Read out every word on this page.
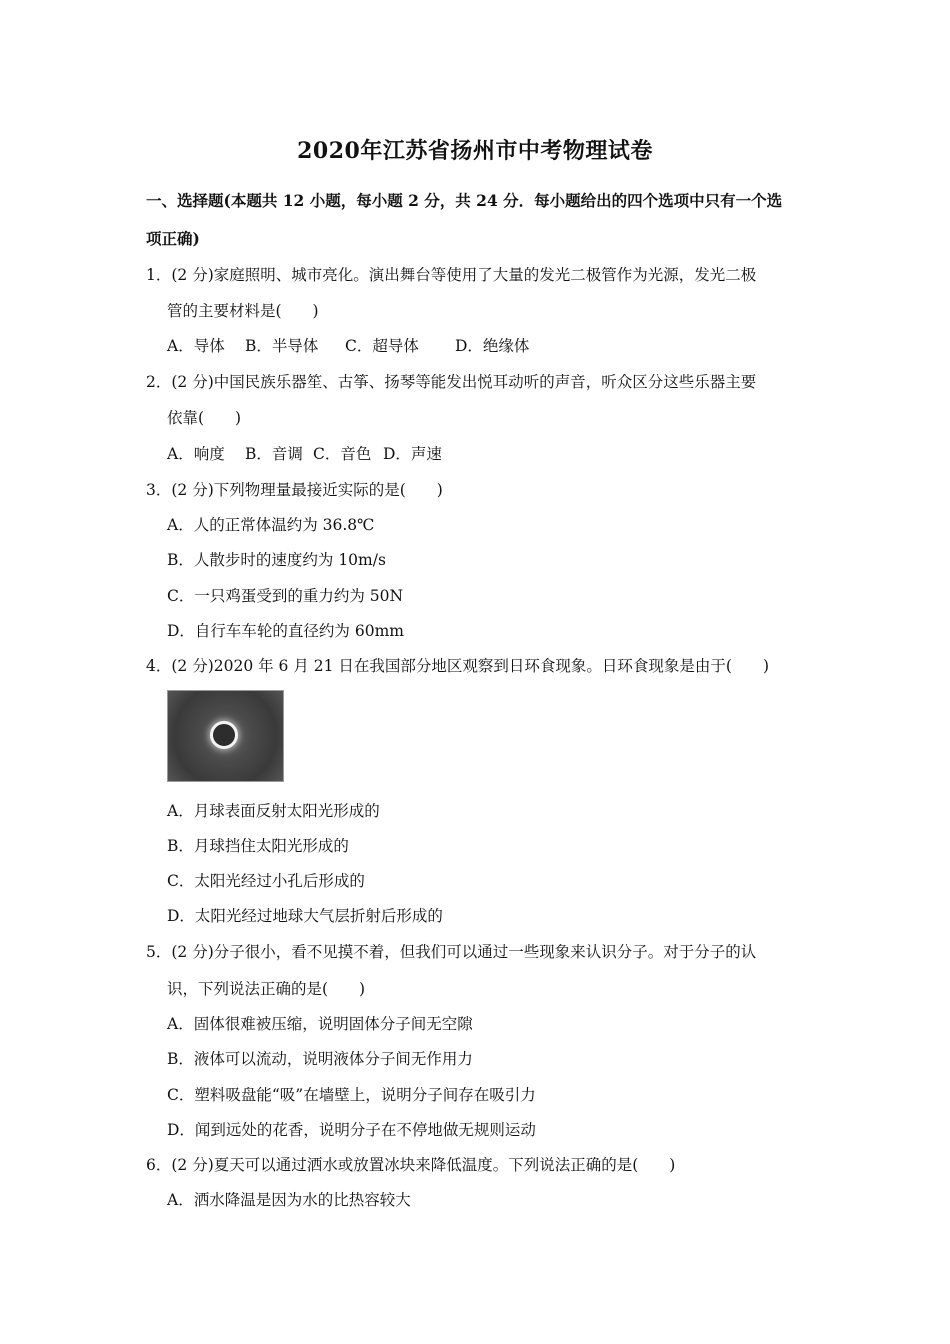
2020年江苏省扬州市中考物理试卷
一、选择题(本题共 12 小题，每小题 2 分，共 24 分．每小题给出的四个选项中只有一个选
项正确)
1．(2 分)家庭照明、城市亮化。演出舞台等使用了大量的发光二极管作为光源，发光二极
管的主要材料是(　　)
A．导体 B．半导体 C．超导体 D．绝缘体
2．(2 分)中国民族乐器笙、古筝、扬琴等能发出悦耳动听的声音，听众区分这些乐器主要
依靠(　　)
A．响度 B．音调 C．音色 D．声速
3．(2 分)下列物理量最接近实际的是(　　)
A．人的正常体温约为 36.8℃
B．人散步时的速度约为 10m/s
C．一只鸡蛋受到的重力约为 50N
D．自行车车轮的直径约为 60mm
4．(2 分)2020 年 6 月 21 日在我国部分地区观察到日环食现象。日环食现象是由于(　　)
A．月球表面反射太阳光形成的
B．月球挡住太阳光形成的
C．太阳光经过小孔后形成的
D．太阳光经过地球大气层折射后形成的
5．(2 分)分子很小，看不见摸不着，但我们可以通过一些现象来认识分子。对于分子的认
识，下列说法正确的是(　　)
A．固体很难被压缩，说明固体分子间无空隙
B．液体可以流动，说明液体分子间无作用力
C．塑料吸盘能“吸”在墙壁上，说明分子间存在吸引力
D．闻到远处的花香，说明分子在不停地做无规则运动
6．(2 分)夏天可以通过洒水或放置冰块来降低温度。下列说法正确的是(　　)
A．洒水降温是因为水的比热容较大
